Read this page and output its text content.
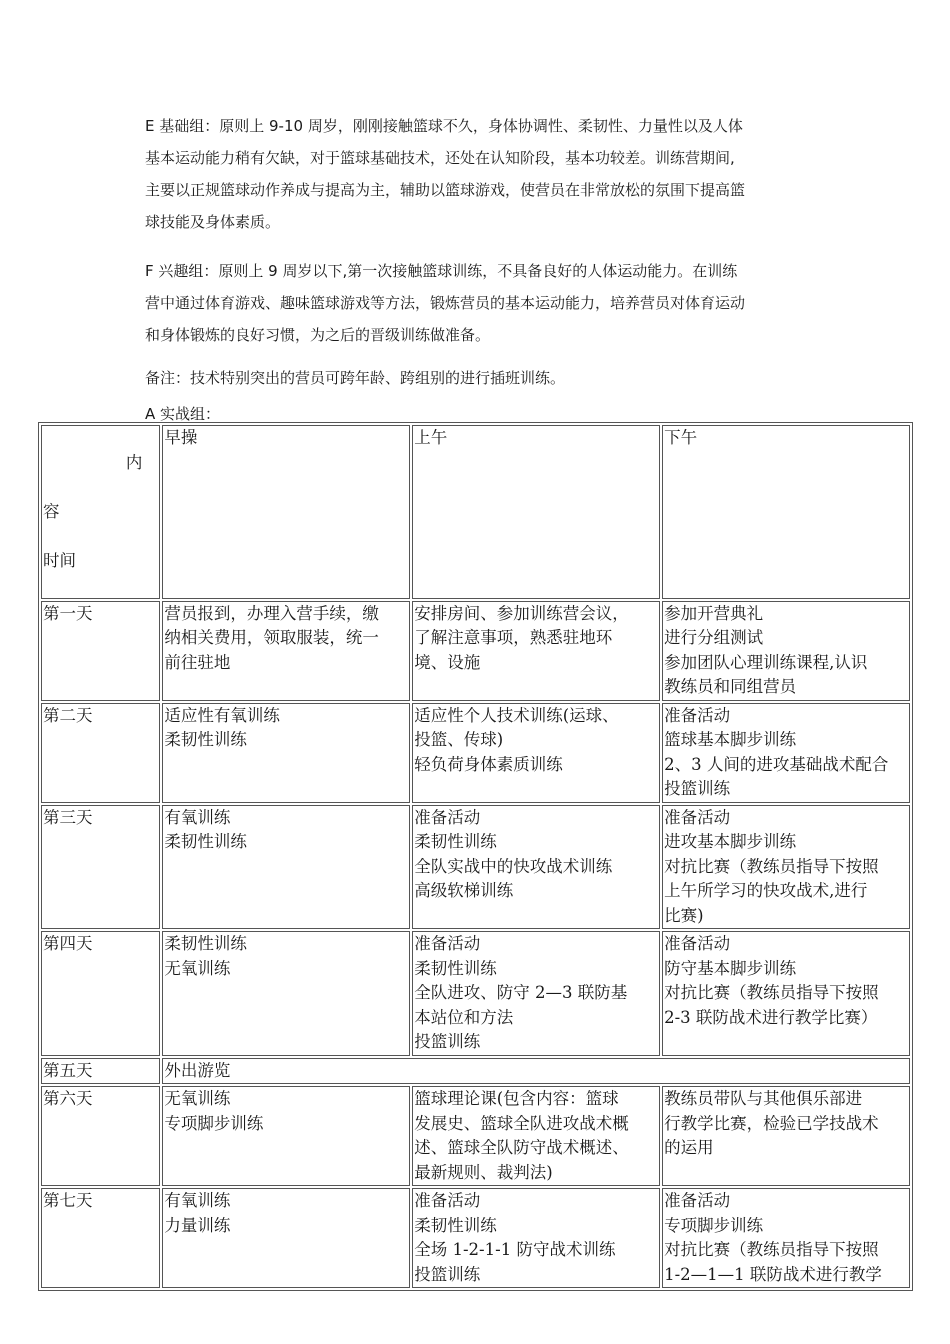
E 基础组：原则上 9-10 周岁，刚刚接触篮球不久，身体协调性、柔韧性、力量性以及人体

基本运动能力稍有欠缺，对于篮球基础技术，还处在认知阶段，基本功较差。训练营期间,

主要以正规篮球动作养成与提高为主，辅助以篮球游戏，使营员在非常放松的氛围下提高篮

球技能及身体素质。

F 兴趣组：原则上 9 周岁以下,第一次接触篮球训练，不具备良好的人体运动能力。在训练

营中通过体育游戏、趣味篮球游戏等方法，锻炼营员的基本运动能力，培养营员对体育运动

和身体锻炼的良好习惯，为之后的晋级训练做准备。

备注：技术特别突出的营员可跨年龄、跨组别的进行插班训练。

A 实战组：

内

容

时间	早操	上午	下午
第一天	营员报到，办理入营手续，缴
纳相关费用，领取服装，统一
前往驻地	安排房间、参加训练营会议，
了解注意事项，熟悉驻地环
境、设施	参加开营典礼
进行分组测试
参加团队心理训练课程,认识
教练员和同组营员
第二天	适应性有氧训练
柔韧性训练	适应性个人技术训练(运球、
投篮、传球)
轻负荷身体素质训练	准备活动
篮球基本脚步训练
2、3 人间的进攻基础战术配合
投篮训练
第三天	有氧训练
柔韧性训练	准备活动
柔韧性训练
全队实战中的快攻战术训练
高级软梯训练	准备活动
进攻基本脚步训练
对抗比赛（教练员指导下按照
上午所学习的快攻战术,进行
比赛)
第四天	柔韧性训练
无氧训练	准备活动
柔韧性训练
全队进攻、防守 2—3 联防基
本站位和方法
投篮训练	准备活动
防守基本脚步训练
对抗比赛（教练员指导下按照
2-3 联防战术进行教学比赛）
第五天	外出游览		
第六天	无氧训练
专项脚步训练	篮球理论课(包含内容：篮球
发展史、篮球全队进攻战术概
述、篮球全队防守战术概述、
最新规则、裁判法)	教练员带队与其他俱乐部进
行教学比赛，检验已学技战术
的运用
第七天	有氧训练
力量训练	准备活动
柔韧性训练
全场 1-2-1-1 防守战术训练
投篮训练	准备活动
专项脚步训练
对抗比赛（教练员指导下按照
1-2—1—1 联防战术进行教学
